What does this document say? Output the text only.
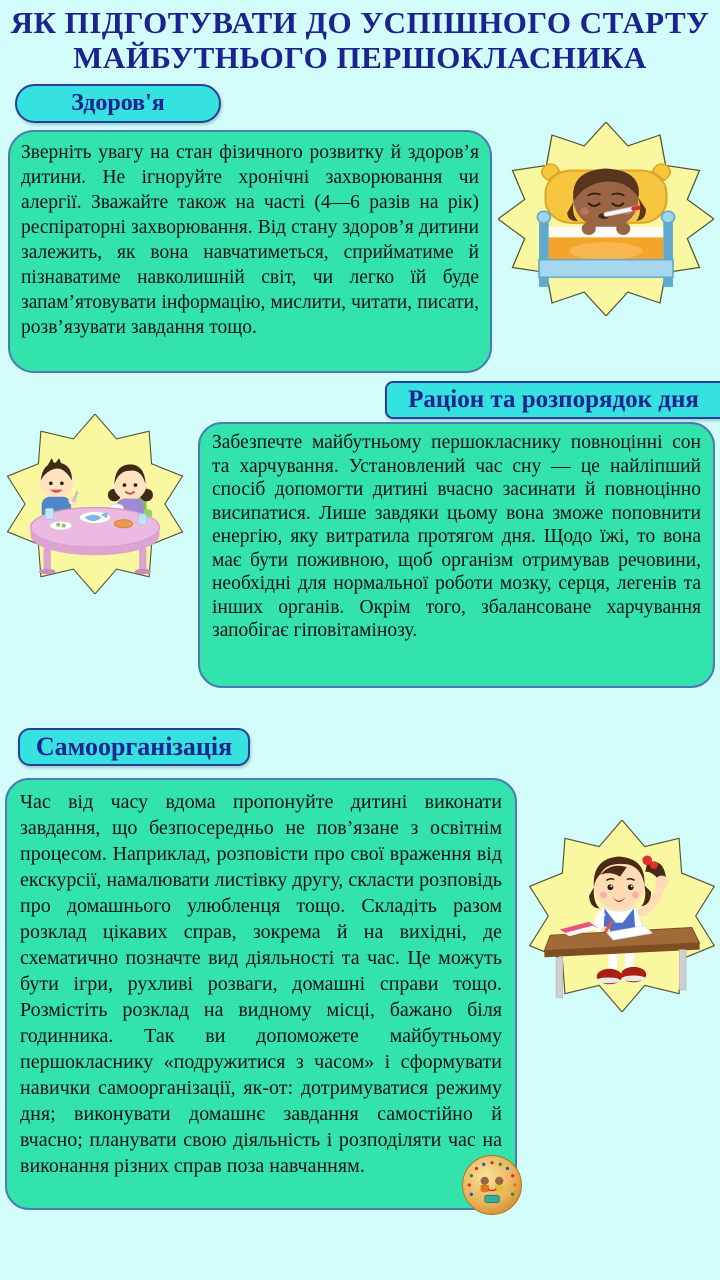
ЯК ПІДГОТУВАТИ ДО УСПІШНОГО СТАРТУ
МАЙБУТНЬОГО ПЕРШОКЛАСНИКА
Здоров'я

Зверніть увагу на стан фізичного розвитку й здоров’я дитини. Не ігноруйте хронічні захворювання чи алергії. Зважайте також на часті (4—6 разів на рік) респіраторні захворювання. Від стану здоров’я дитини залежить, як вона навчатиметься, сприйматиме й пізнаватиме навколишній світ, чи легко їй буде запам’ятовувати інформацію, мислити, читати, писати, розв’язувати завдання тощо.

Раціон та розпорядок дня

Забезпечте майбутньому першокласнику повноцінні сон та харчування. Установлений час сну — це найліпший спосіб допомогти дитині вчасно засинати й повноцінно висипатися. Лише завдяки цьому вона зможе поповнити енергію, яку витратила протягом дня. Щодо їжі, то вона має бути поживною, щоб організм отримував речовини, необхідні для нормальної роботи мозку, серця, легенів та інших органів. Окрім того, збалансоване харчування запобігає гіповітамінозу.

Самоорганізація

Час від часу вдома пропонуйте дитині виконати завдання, що безпосередньо не пов’язане з освітнім процесом. Наприклад, розповісти про свої враження від екскурсії, намалювати листівку другу, скласти розповідь про домашнього улюбленця тощо. Складіть разом розклад цікавих справ, зокрема й на вихідні, де схематично позначте вид діяльності та час. Це можуть бути ігри, рухливі розваги, домашні справи тощо. Розмістіть розклад на видному місці, бажано біля годинника. Так ви допоможете майбутньому першокласнику «подружитися з часом» і сформувати навички самоорганізації, як-от: дотримуватися режиму дня; виконувати домашнє завдання самостійно й вчасно; планувати свою діяльність і розподіляти час на виконання різних справ поза навчанням.
